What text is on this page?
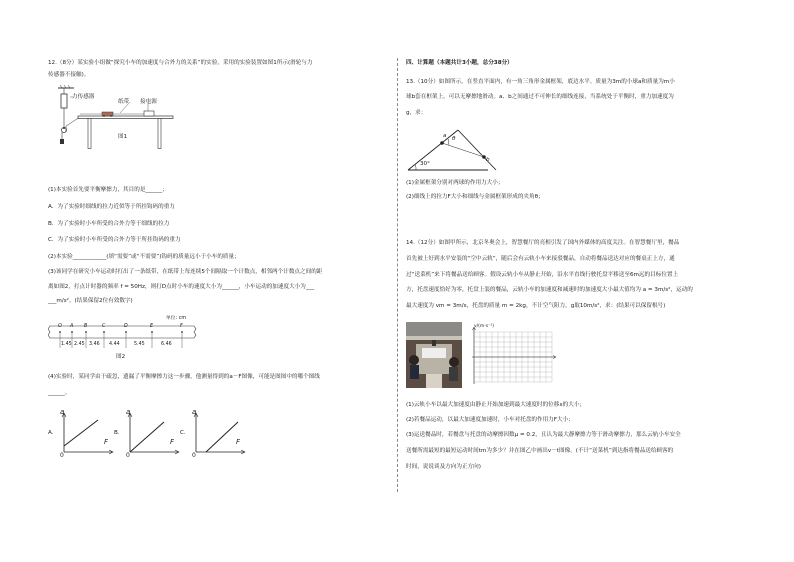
12.（8分）某实验小组做“探究小车的加速度与合外力的关系”的实验，采用的实验装置如图1所示(滑轮与力

传感器不接触)。

力传感器
纸带 接电源
图1

(1)本实验首先要平衡摩擦力，其目的是______；

A．为了实验时细线的拉力近似等于所挂钩码的重力

B．为了实验时小车所受的合外力等于细线的拉力

C．为了实验时小车所受的合外力等于所挂钩码的重力

(2)本实验____________(填“需要”或“不需要”)钩码的质量远小于小车的质量；

(3)该同学在研究小车运动时打出了一条纸带，在纸带上每连续5个间隔取一个计数点，相邻两个计数点之间的距

离如图2，打点计时器的频率 f = 50Hz，则打D点时小车的速度大小为______，小车运动的加速度大小为___

___m/s²。(结果保留2位有效数字)

单位: cm
O A B	C	D	E	F
1.45 2.45 3.46 4.44	5.45	6.46
图2

(4)实验时，某同学由于疏忽，遗漏了平衡摩擦力这一步骤，他测量得到的a－F图像，可能是图图中的哪个图线

______。

A.
a
F
0
B.
a
F
0
C.
a
F
0

四、计算题（本题共计3小题，总分38分）

13.（10分）如图所示，在竖直平面内，有一角三角形金属框架，底边水平。质量为3m的小球a和质量为m小

球b套在框架上，可以无摩擦地滑动。a、b之间通过不可伸长的细线连接，当系统处于平衡时，重力加速度为

g，求：

a θ
b
30°

(1)金属框架分别对两球的作用力大小；

(2)细线上的拉力F大小和细线与金属框架形成的夹角θ；

14.（12分）如图甲所示，北京冬奥会上，智慧餐厅的亮相引发了国内外媒体的高度关注。在智慧餐厅里，餐品

首先被上好到水平安装的“空中云轨”，随后会有云轨小车来接驳餐品，自动将餐品送达对应的餐桌正上方，通

过“送菜机”来下将餐品送给顾客。假设云轨小车从静止开始，沿水平直线行驶托盘平移送至6m远的目标位置上

方，托盘速度恰好为零，托盘上装的餐品，云轨小车的加速度和减速时的加速度大小最大值均为 a = 3m/s²，运动的

最大速度为 vm = 3m/s，托盘的质量 m = 2kg，不计空气阻力，g取10m/s²，求：(结果可以保留根号)

v/(m·s⁻¹)

(1)云轨小车以最大加速度由静止开始加速到最大速度时的位移x的大小；

(2)若餐品运动，以最大加速度加速时，小车对托盘的作用力F大小；

(3)运送餐品时，若餐盘与托盘的动摩擦因数μ = 0.2，且认为最大静摩擦力等于滑动摩擦力，那么云轨小车安全

送餐所需最短的最短运动时间tm为多少？并在图乙中画出v－t图像。(不计“送菜机”到达指将餐品送给顾客的

时间，说说谈及方向为正方向)
